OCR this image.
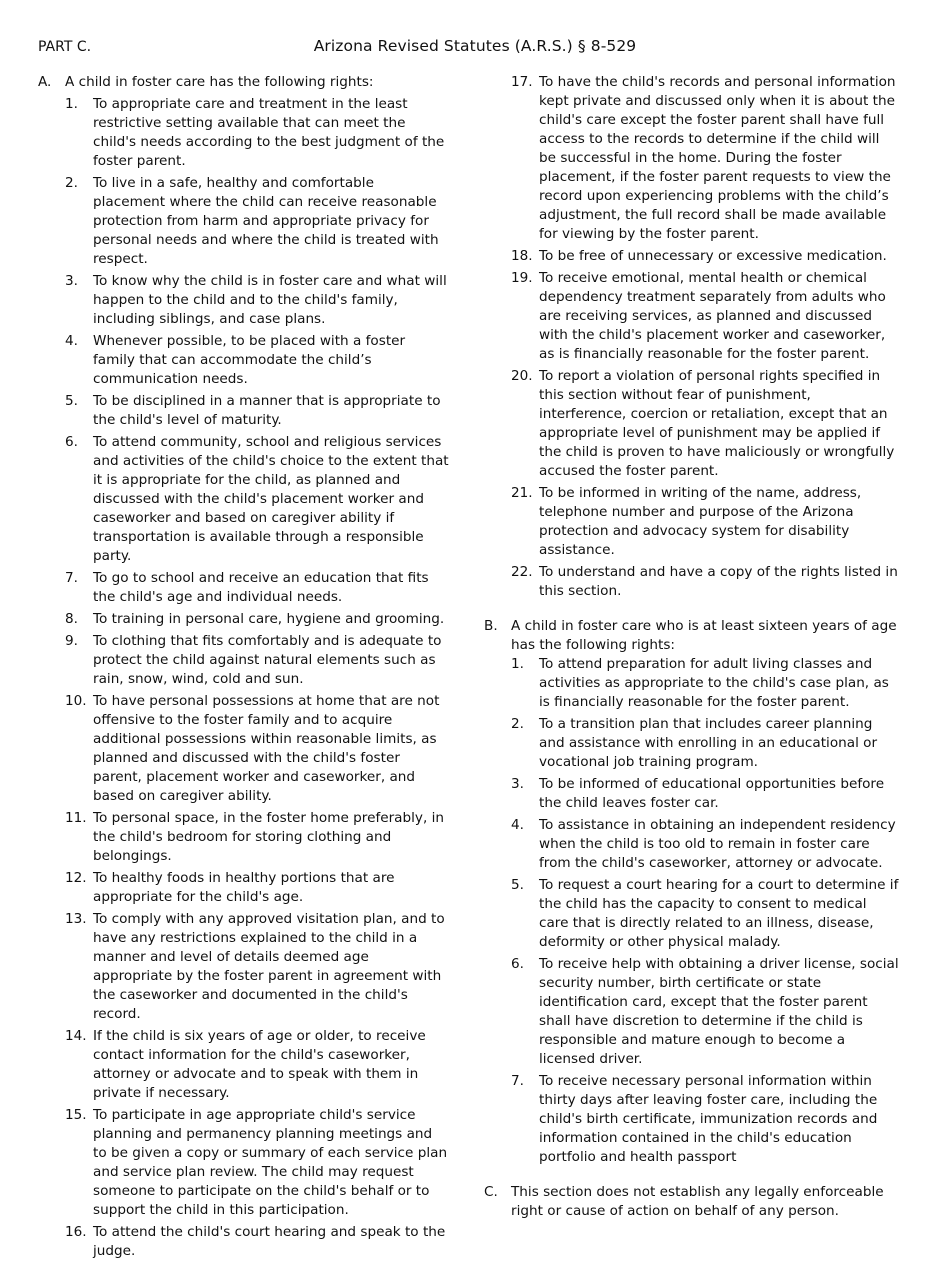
PART C.	Arizona Revised Statutes (A.R.S.) § 8-529
A.	A child in foster care has the following rights:
1.	To appropriate care and treatment in the least restrictive setting available that can meet the child's needs according to the best judgment of the foster parent.
2.	To live in a safe, healthy and comfortable placement where the child can receive reasonable protection from harm and appropriate privacy for personal needs and where the child is treated with respect.
3.	To know why the child is in foster care and what will happen to the child and to the child's family, including siblings, and case plans.
4.	Whenever possible, to be placed with a foster family that can accommodate the child’s communication needs.
5.	To be disciplined in a manner that is appropriate to the child's level of maturity.
6.	To attend community, school and religious services and activities of the child's choice to the extent that it is appropriate for the child, as planned and discussed with the child's placement worker and caseworker and based on caregiver ability if transportation is available through a responsible party.
7.	To go to school and receive an education that fits the child's age and individual needs.
8.	To training in personal care, hygiene and grooming.
9.	To clothing that fits comfortably and is adequate to protect the child against natural elements such as rain, snow, wind, cold and sun.
10. To have personal possessions at home that are not offensive to the foster family and to acquire additional possessions within reasonable limits, as planned and discussed with the child's foster parent, placement worker and caseworker, and based on caregiver ability.
11. To personal space, in the foster home preferably, in the child's bedroom for storing clothing and belongings.
12. To healthy foods in healthy portions that are appropriate for the child's age.
13. To comply with any approved visitation plan, and to have any restrictions explained to the child in a manner and level of details deemed age appropriate by the foster parent in agreement with the caseworker and documented in the child's record.
14. If the child is six years of age or older, to receive contact information for the child's caseworker, attorney or advocate and to speak with them in private if necessary.
15. To participate in age appropriate child's service planning and permanency planning meetings and to be given a copy or summary of each service plan and service plan review. The child may request someone to participate on the child's behalf or to support the child in this participation.
16. To attend the child's court hearing and speak to the judge.
17. To have the child's records and personal information kept private and discussed only when it is about the child's care except the foster parent shall have full access to the records to determine if the child will be successful in the home. During the foster placement, if the foster parent requests to view the record upon experiencing problems with the child’s adjustment, the full record shall be made available for viewing by the foster parent.
18. To be free of unnecessary or excessive medication.
19. To receive emotional, mental health or chemical dependency treatment separately from adults who are receiving services, as planned and discussed with the child's placement worker and caseworker, as is financially reasonable for the foster parent.
20. To report a violation of personal rights specified in this section without fear of punishment, interference, coercion or retaliation, except that an appropriate level of punishment may be applied if the child is proven to have maliciously or wrongfully accused the foster parent.
21. To be informed in writing of the name, address, telephone number and purpose of the Arizona protection and advocacy system for disability assistance.
22. To understand and have a copy of the rights listed in this section.
B. A child in foster care who is at least sixteen years of age has the following rights:
1.	To attend preparation for adult living classes and activities as appropriate to the child's case plan, as is financially reasonable for the foster parent.
2.	To a transition plan that includes career planning and assistance with enrolling in an educational or vocational job training program.
3.	To be informed of educational opportunities before the child leaves foster car.
4.	To assistance in obtaining an independent residency when the child is too old to remain in foster care from the child's caseworker, attorney or advocate.
5.	To request a court hearing for a court to determine if the child has the capacity to consent to medical care that is directly related to an illness, disease, deformity or other physical malady.
6.	To receive help with obtaining a driver license, social security number, birth certificate or state identification card, except that the foster parent shall have discretion to determine if the child is responsible and mature enough to become a licensed driver.
7.	To receive necessary personal information within thirty days after leaving foster care, including the child's birth certificate, immunization records and information contained in the child's education portfolio and health passport
C. This section does not establish any legally enforceable right or cause of action on behalf of any person.
